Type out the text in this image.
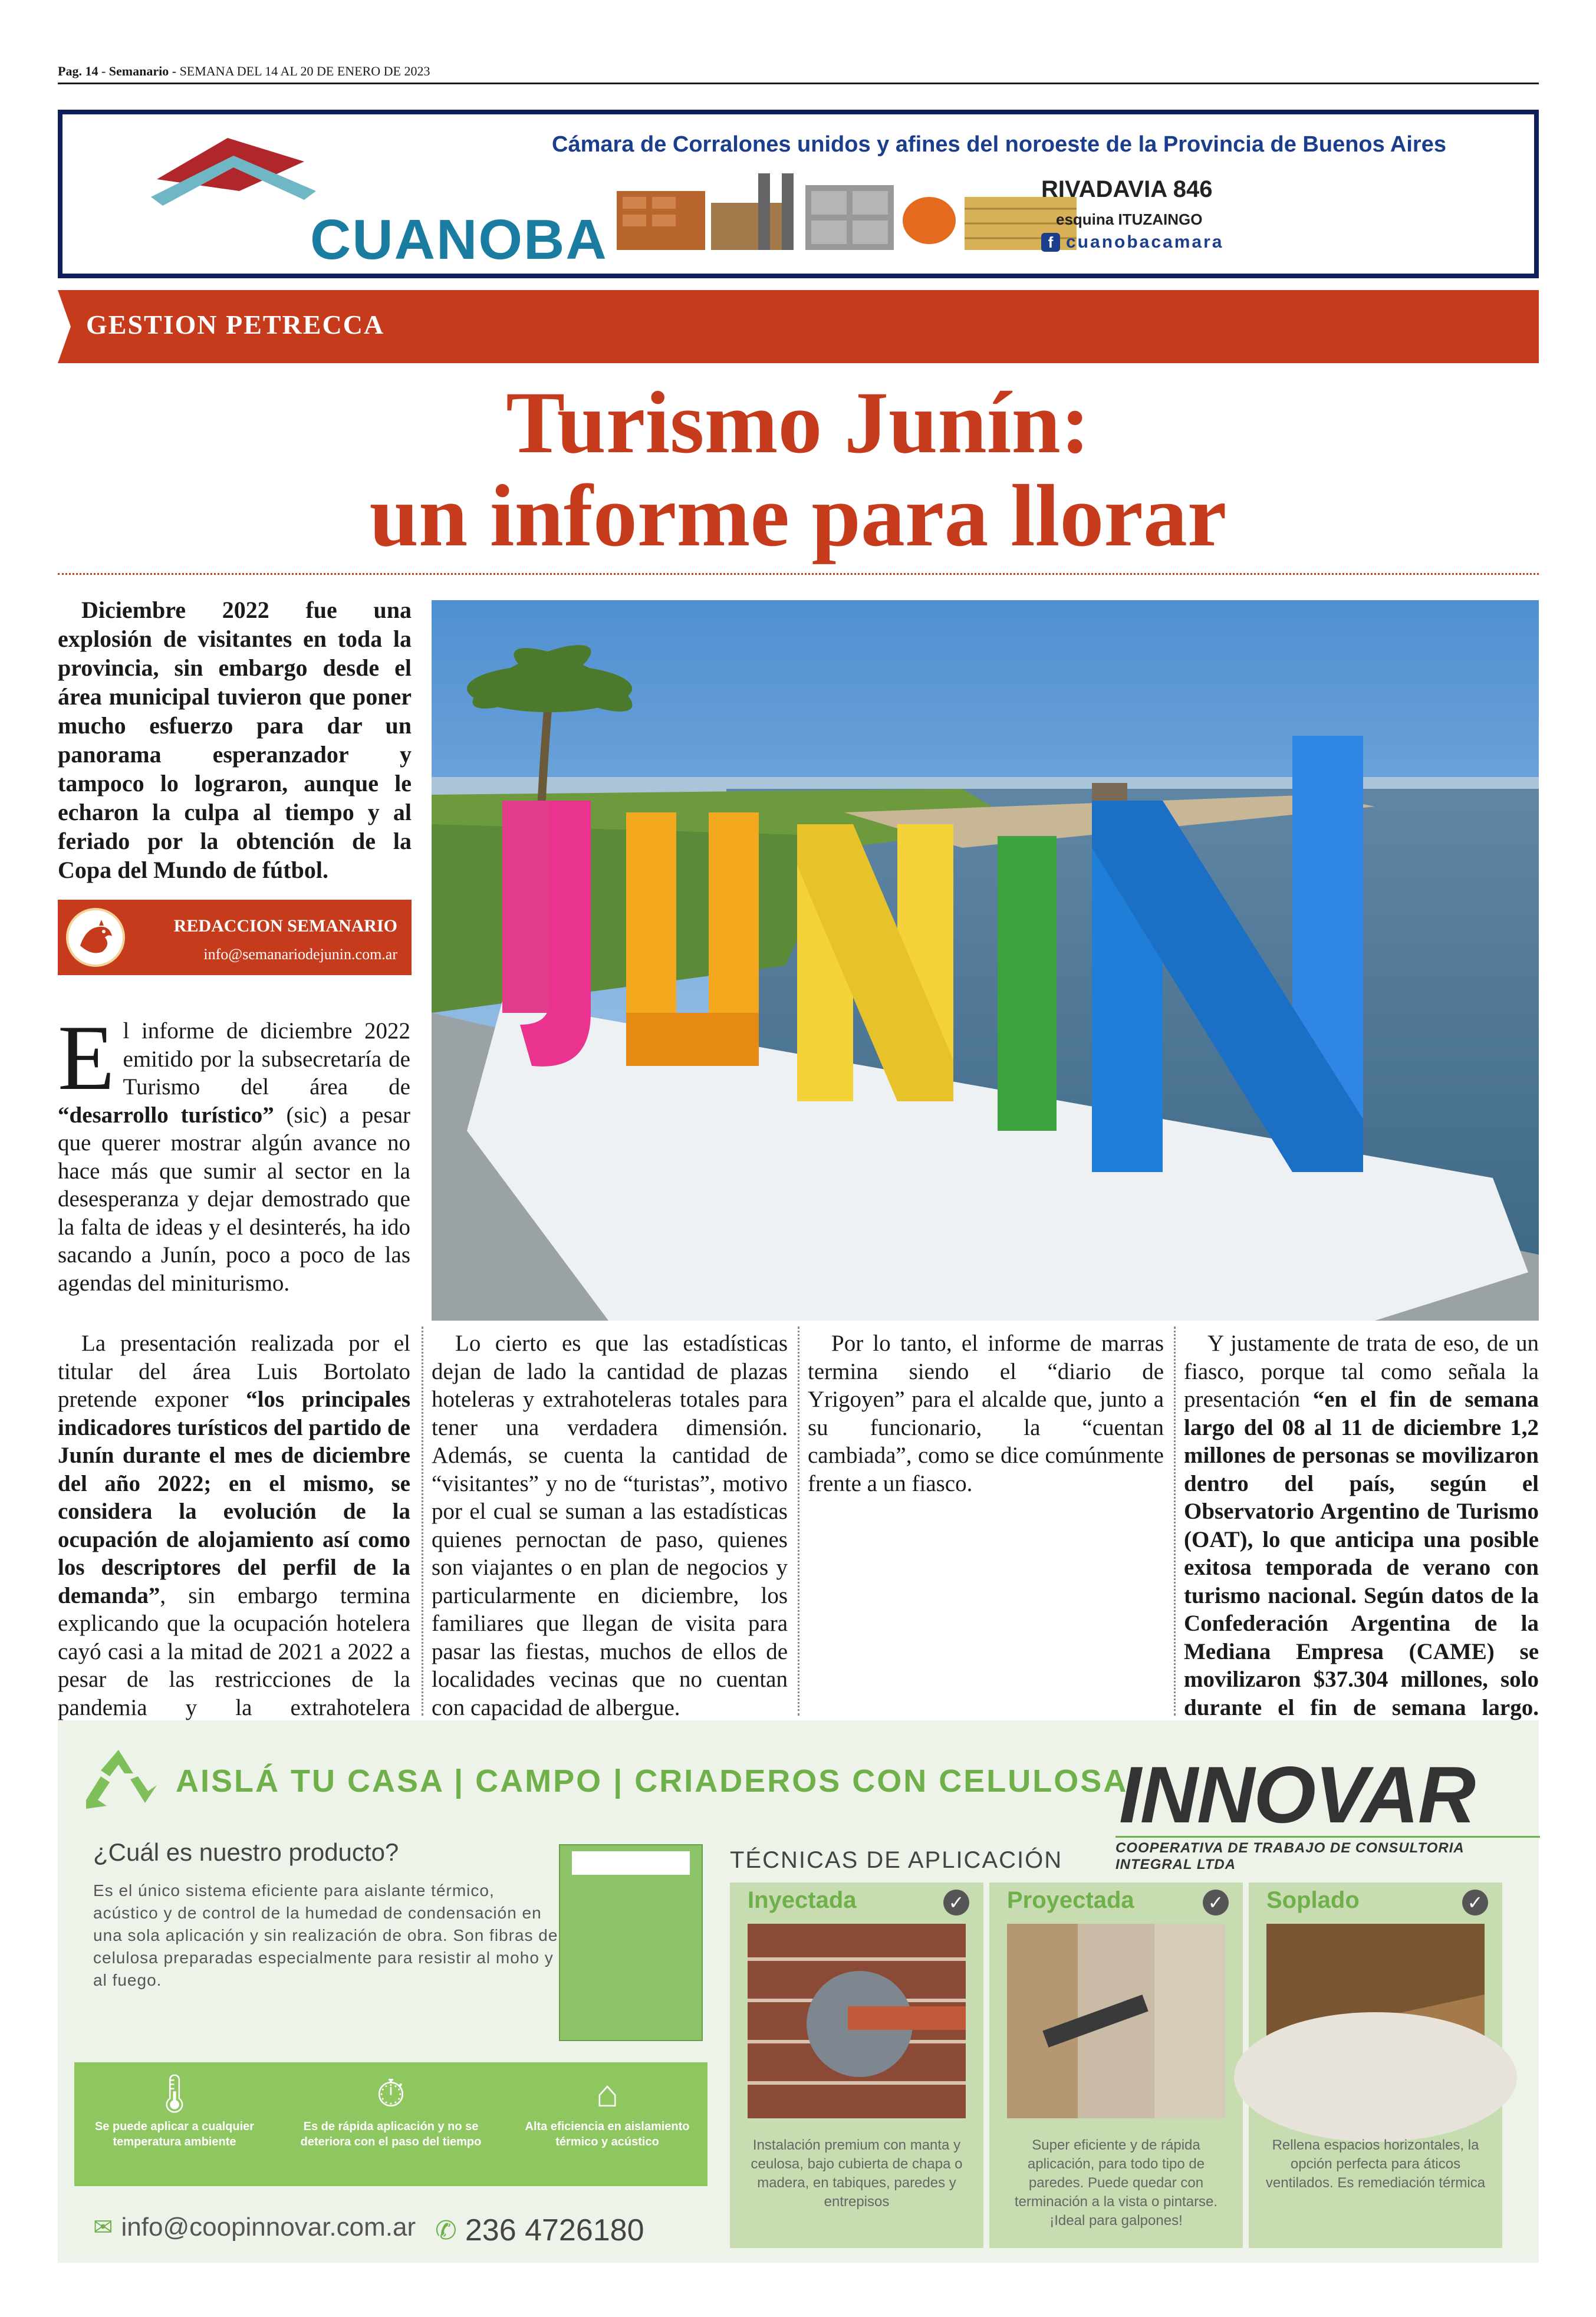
Pag. 14 - Semanario - SEMANA DEL 14 AL 20 DE ENERO DE 2023
CUANOBA
Cámara de Corralones unidos y afines del noroeste de la Provincia de Buenos Aires
RIVADAVIA 846
esquina ITUZAINGO
f cuanobacamara
GESTION PETRECCA
Turismo Junín:
un informe para llorar
Diciembre 2022 fue una explosión de visitantes en toda la provincia, sin embargo desde el área municipal tuvieron que poner mucho esfuerzo para dar un panorama esperanzador y tampoco lo lograron, aunque le echaron la culpa al tiempo y al feriado por la obtención de la Copa del Mundo de fútbol.
REDACCION SEMANARIO
info@semanariodejunin.com.ar

El informe de diciembre 2022 emitido por la subsecretaría de Turismo del área de “desarrollo turístico” (sic) a pesar que querer mostrar algún avance no hace más que sumir al sector en la desesperanza y dejar demostrado que la falta de ideas y el desinterés, ha ido sacando a Junín, poco a poco de las agendas del miniturismo.

La presentación realizada por el titular del área Luis Bortolato pretende exponer “los principales indicadores turísticos del partido de Junín durante el mes de diciembre del año 2022; en el mismo, se considera la evolución de la ocupación de alojamiento así como los descriptores del perfil de la demanda”, sin embargo termina explicando que la ocupación hotelera cayó casi a la mitad de 2021 a 2022 a pesar de las restricciones de la pandemia y la extrahotelera

Lo cierto es que las estadísticas dejan de lado la cantidad de plazas hoteleras y extrahoteleras totales para tener una verdadera dimensión. Además, se cuenta la cantidad de “visitantes” y no de “turistas”, motivo por el cual se suman a las estadísticas quienes pernoctan de paso, quienes son viajantes o en plan de negocios y particularmente en diciembre, los familiares que llegan de visita para pasar las fiestas, muchos de ellos de localidades vecinas que no cuentan con capacidad de albergue.

Por lo tanto, el informe de marras termina siendo el “diario de Yrigoyen” para el alcalde que, junto a su funcionario, la “cuentan cambiada”, como se dice comúnmente frente a un fiasco.

Y justamente de trata de eso, de un fiasco, porque tal como señala la presentación “en el fin de semana largo del 08 al 11 de diciembre 1,2 millones de personas se movilizaron dentro del país, según el Observatorio Argentino de Turismo (OAT), lo que anticipa una posible exitosa temporada de verano con turismo nacional. Según datos de la Confederación Argentina de la Mediana Empresa (CAME) se movilizaron $37.304 millones, solo durante el fin de semana largo.

AISLÁ TU CASA | CAMPO | CRIADEROS CON CELULOSA
INNOVAR
COOPERATIVA DE TRABAJO DE CONSULTORIA INTEGRAL LTDA
¿Cuál es nuestro producto?
Es el único sistema eficiente para aislante térmico, acústico y de control de la humedad de condensación en una sola aplicación y sin realización de obra. Son fibras de celulosa preparadas especialmente para resistir al moho y al fuego.
🌡
Se puede aplicar a cualquier temperatura ambiente
⏱
Es de rápida aplicación y no se deteriora con el paso del tiempo
⌂
Alta eficiencia en aislamiento térmico y acústico
✉ info@coopinnovar.com.ar ✆ 236 4726180
TÉCNICAS DE APLICACIÓN
Inyectada	✓
Instalación premium con manta y ceulosa, bajo cubierta de chapa o madera, en tabiques, paredes y entrepisos
Proyectada	✓
Super eficiente y de rápida aplicación, para todo tipo de paredes. Puede quedar con terminación a la vista o pintarse. ¡Ideal para galpones!
Soplado	✓
Rellena espacios horizontales, la opción perfecta para áticos ventilados. Es remediación térmica
